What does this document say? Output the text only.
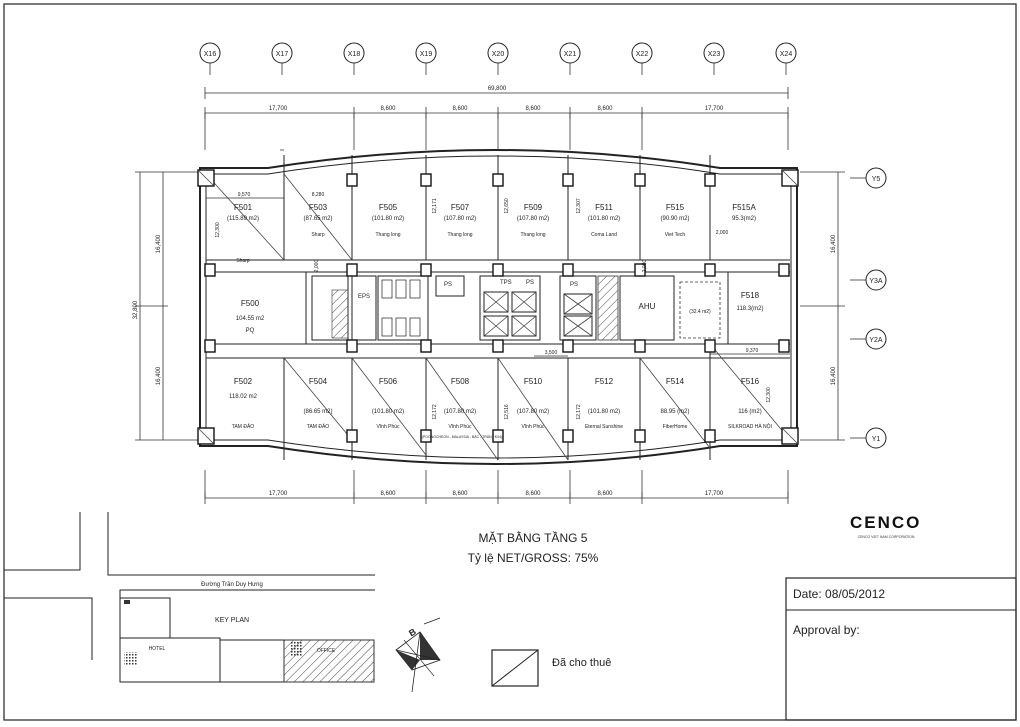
X16	X17	X18	X19	X20	X21	X22	X23	X24
Y5
Y3A
Y2A
Y1
69,800
17,700	8,600	8,600	8,600	8,600	17,700
17,700	8,600	8,600	8,600	8,600	17,700
32,800
16,400
16,400
16,400
16,400
EPS
PS	TPS PS	PS
AHU
(32.4 m2)
9,570	8,280
12,300
12,171	12,650	12,307
2,000
2,000	2,000
9,370
3,500
12,172	12,516	12,172
12,300
F501
(115.89 m2)
Sharp
F503
(87.65 m2)
Sharp
F505
(101.80 m2)
Thang long
F507
(107.80 m2)
Thang long
F509
(107.80 m2)
Thang long
F511
(101.80 m2)
Coma Land
F515
(90.90 m2)
Viet Tech
F515A
95.3(m2)
F502
118.02 m2
TAM ĐẢO
F504
(86.65 m2)
TAM ĐẢO
F506
(101.80 m2)
Vĩnh Phúc
F508
(107.80 m2)
Vĩnh Phúc
F510
(107.80 m2)
Vĩnh Phúc
F512
(101.80 m2)
Eternal Sunshine
F514
88.95 (m2)
FiberHome
F516
116 (m2)
SILKROAD HÀ NỘI
F500
104.55 m2
PQ
F518
118.3(m2)
(POONGCHEON - MALAYSIA - BẮC - TRÂN - K04)
MẶT BẰNG TẦNG 5
Tỷ lệ NET/GROSS: 75%
CENCO
CENCO VIET NAM CORPORATION
Đường Trần Duy Hưng
KEY PLAN
HOTEL	OFFICE
B
Đã cho thuê
Date: 08/05/2012
Approval by:
